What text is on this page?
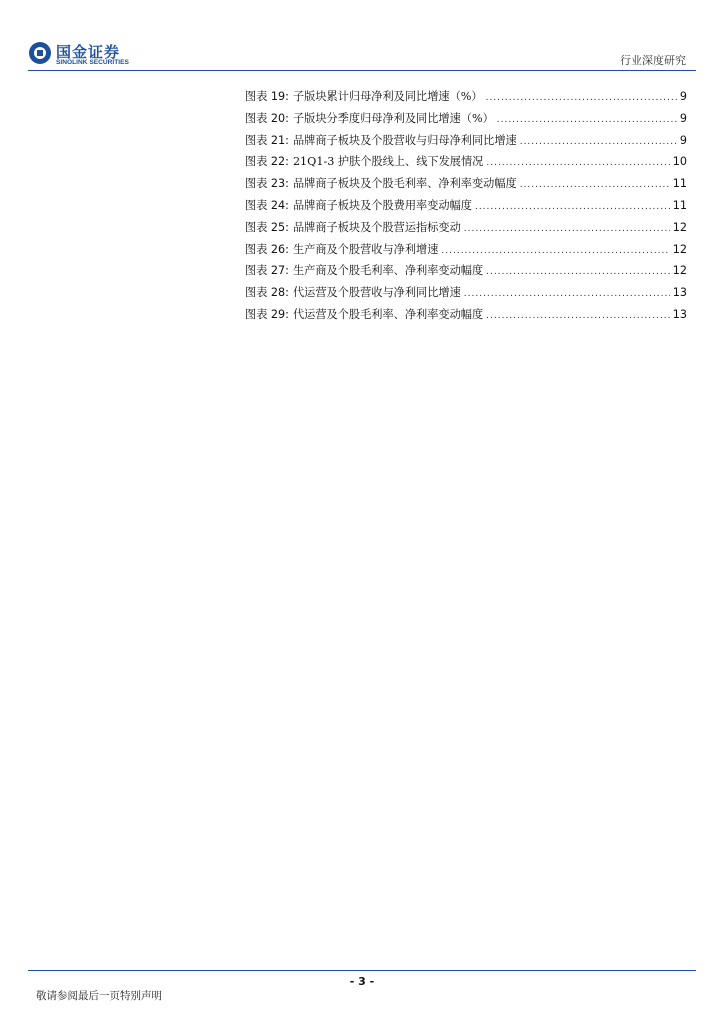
国金证券
SINOLINK SECURITIES	行业深度研究
图表 19: 子版块累计归母净利及同比增速（%） .....	9
图表 20: 子版块分季度归母净利及同比增速（%） .....	9
图表 21: 品牌商子板块及个股营收与归母净利同比增速 .....	9
图表 22: 21Q1-3 护肤个股线上、线下发展情况 .....	10
图表 23: 品牌商子板块及个股毛利率、净利率变动幅度 .....	11
图表 24: 品牌商子板块及个股费用率变动幅度 .....	11
图表 25: 品牌商子板块及个股营运指标变动 .....	12
图表 26: 生产商及个股营收与净利增速 .....	12
图表 27: 生产商及个股毛利率、净利率变动幅度 .....	12
图表 28: 代运营及个股营收与净利同比增速 .....	13
图表 29: 代运营及个股毛利率、净利率变动幅度 .....	13
- 3 -
敬请参阅最后一页特别声明
